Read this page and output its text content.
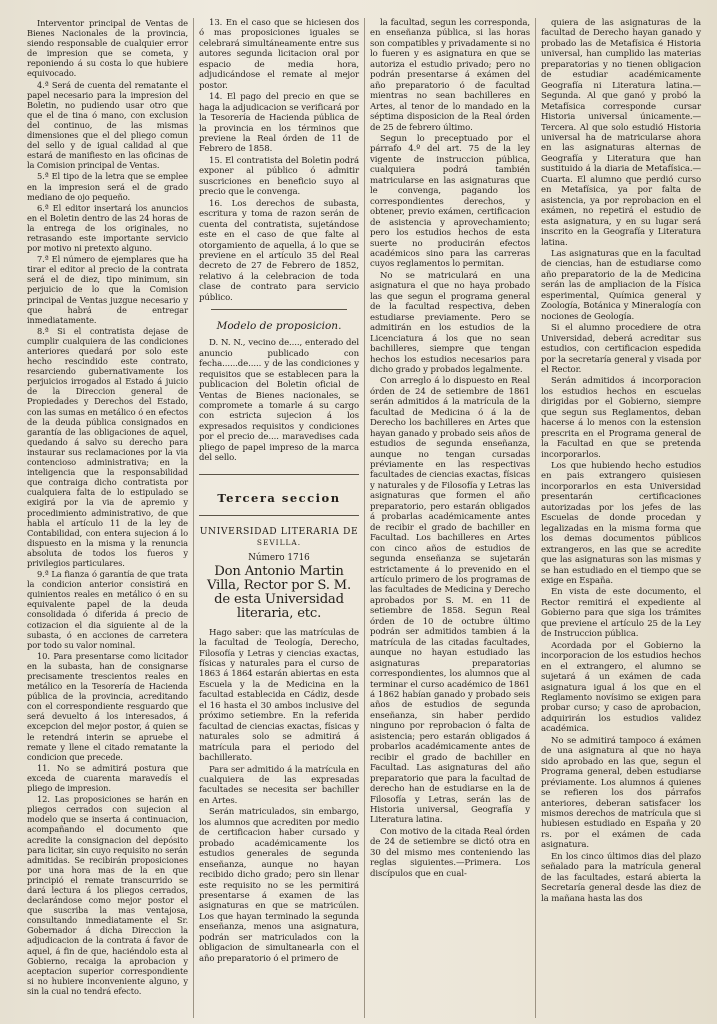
Interventor principal de Ventas de Bienes Nacionales de la provincia, siendo responsable de cualquier error de impresion que se cometa, y reponiendo á su costa lo que hubiere equivocado.

4.ª Será de cuenta del rematante el papel necesario para la impresion del Boletin, no pudiendo usar otro que que el de tina ó mano, con exclusion del continuo, de las mismas dimensiones que el del pliego comun del sello y de igual calidad al que estará de manifiesto en las oficinas de la Comision principal de Ventas.

5.ª El tipo de la letra que se emplee en la impresion será el de grado mediano de ojo pequeño.

6.ª El editor insertará los anuncios en el Boletin dentro de las 24 horas de la entrega de los originales, no retrasando este importante servicio por motivo ni pretexto alguno.

7.ª El número de ejemplares que ha tirar el editor al precio de la contrata será el de diez, tipo minimum, sin perjuicio de lo que la Comision principal de Ventas juzgue necesario y que habrá de entregar inmediatamente.

8.ª Si el contratista dejase de cumplir cualquiera de las condiciones anteriores quedará por solo este hecho rescindido este contrato, resarciendo gubernativamente los perjuicios irrogados al Estado á juicio de la Direccion general de Propiedades y Derechos del Estado, con las sumas en metálico ó en efectos de la deuda pública consignados en garantía de las obligaciones de aquel, quedando á salvo su derecho para instaurar sus reclamaciones por la via contencioso administrativa; en la inteligencia que la responsabilidad que contraiga dicho contratista por cualquiera falta de lo estipulado se exigirá por la via de apremio y procedimiento administrativo, de que habla el artículo 11 de la ley de Contabilidad, con entera sujecion á lo dispuesto en la misma y la renuncia absoluta de todos los fueros y privilegios particulares.

9.ª La fianza ó garantía de que trata la condicion anterior consistirá en quinientos reales en metálico ó en su equivalente papel de la deuda consolidada ó diferida á precio de cotizacion el dia siguiente al de la subasta, ó en acciones de carretera por todo su valor nominal.

10. Para presentarse como licitador en la subasta, han de consignarse precisamente trescientos reales en metálico en la Tesorería de Hacienda pública de la provincia, acreditando con el correspondiente resguardo que será devuelto á los interesados, á excepcion del mejor postor, á quien se le retendrá interin se apruebe el remate y llene el citado rematante la condicion que precede.

11. No se admitirá postura que exceda de cuarenta maravedís el pliego de impresion.

12. Las proposiciones se harán en pliegos cerrados con sujecion al modelo que se inserta á continuacion, acompañando el documento que acredite la consignacion del depósito para licitar, sin cuyo requisito no serán admitidas. Se recibirán proposiciones por una hora mas de la en que principió el remate transcurrido se dará lectura á los pliegos cerrados, declarándose como mejor postor el que suscriba la mas ventajosa, consultando inmediatamente el Sr. Gobernador á dicha Direccion la adjudicacion de la contrata á favor de aquel, á fin de que, haciéndolo esta al Gobierno, recaiga la aprobacion y aceptacion superior correspondiente si no hubiere inconveniente alguno, y sin la cual no tendrá efecto.

13. En el caso que se hiciesen dos ó mas proposiciones iguales se celebrará simultáneamente entre sus autores segunda licitacion oral por espacio de media hora, adjudicándose el remate al mejor postor.

14. El pago del precio en que se haga la adjudicacion se verificará por la Tesorería de Hacienda pública de la provincia en los términos que previene la Real órden de 11 de Febrero de 1858.

15. El contratista del Boletin podrá exponer al público ó admitir suscriciones en beneficio suyo al precio que le convenga.

16. Los derechos de subasta, escritura y toma de razon serán de cuenta del contratista, sujetándose este en el caso de que falte al otorgamiento de aquella, á lo que se previene en el artículo 35 del Real decreto de 27 de Febrero de 1852, relativo á la celebracion de toda clase de contrato para servicio público.

Modelo de proposicion.

D. N. N., vecino de...., enterado del anuncio publicado con fecha......de..... y de las condiciones y requisitos que se establecen para la publicacion del Boletin oficial de Ventas de Bienes nacionales, se compromete a tomarle á su cargo con estricta sujecion á los expresados requisitos y condiciones por el precio de.... maravedises cada pliego de papel impreso de la marca del sello.

Tercera seccion
UNIVERSIDAD LITERARIA DE
SEVILLA.
Número 1716
Don Antonio Martin Villa, Rector por S. M. de esta Universidad literaria, etc.

Hago saber: que las matrículas de la facultad de Teología, Derecho, Filosofía y Letras y ciencias exactas, físicas y naturales para el curso de 1863 á 1864 estarán abiertas en esta Escuela y la de Medicina en la facultad establecida en Cádiz, desde el 16 hasta el 30 ambos inclusive del próximo setiembre. En la referida facultad de ciencias exactas, físicas y naturales solo se admitirá á matrícula para el periodo del bachillerato.

Para ser admitido á la matrícula en cualquiera de las expresadas facultades se necesita ser bachiller en Artes.

Serán matriculados, sin embargo, los alumnos que acrediten por medio de certificacion haber cursado y probado académicamente los estudios generales de segunda enseñanza, aunque no hayan recibido dicho grado; pero sin llenar este requisito no se les permitirá presentarse á examen de las asignaturas en que se matricúlen. Los que hayan terminado la segunda enseñanza, menos una asignatura, podrán ser matriculados con la obligacion de simultanearla con el año preparatorio ó el primero de

la facultad, segun les corresponda, en enseñanza pública, si las horas son compatibles y privadamente si no lo fueren y es asignatura en que se autoriza el estudio privado; pero no podrán presentarse á exámen del año preparatorio ó de facultad mientras no sean bachilleres en Artes, al tenor de lo mandado en la séptima disposicion de la Real órden de 25 de febrero último.

Segun lo preceptuado por el párrafo 4.º del art. 75 de la ley vigente de instruccion pública, cualquiera podrá también matricularse en las asignaturas que le convenga, pagando los correspondientes derechos, y obtener, previo exámen, certificacion de asistencia y aprovechamiento; pero los estudios hechos de esta suerte no producirán efectos académicos sino para las carreras cuyos reglamentos lo permitan.

No se matriculará en una asignatura el que no haya probado las que segun el programa general de la facultad respectiva, deben estudiarse previamente. Pero se admitirán en los estudios de la Licenciatura á los que no sean bachilleres, siempre que tengan hechos los estudios necesarios para dicho grado y probados legalmente.

Con arreglo á lo dispuesto en Real órden de 24 de setiembre de 1861 serán admitidos á la matrícula de la facultad de Medicina ó á la de Derecho los bachilleres en Artes que hayan ganado y probado seis años de estudios de segunda enseñanza, aunque no tengan cursadas préviamente en las respectivas facultades de ciencias exactas, físicas y naturales y de Filosofía y Letras las asignaturas que formen el año preparatorio, pero estarán obligados á probarlas académicamente antes de recibir el grado de bachiller en Facultad. Los bachilleres en Artes con cinco años de estudios de segunda enseñanza se sujetarán estrictamente á lo prevenido en el artículo primero de los programas de las facultades de Medicina y Derecho aprobados por S. M. en 11 de setiembre de 1858. Segun Real órden de 10 de octubre último podrán ser admitidos tambien á la matrícula de las citadas facultades, aunque no hayan estudiado las asignaturas preparatorias correspondientes, los alumnos que al terminar el curso académico de 1861 á 1862 habían ganado y probado seis años de estudios de segunda enseñanza, sin haber perdido ninguno por reprobacion ó falta de asistencia; pero estarán obligados á probarlos académicamente antes de recibir el grado de bachiller en Facultad. Las asignaturas del año preparatorio que para la facultad de derecho han de estudiarse en la de Filosofía y Letras, serán las de Historia universal, Geografía y Literatura latina.

Con motivo de la citada Real órden de 24 de setiembre se dictó otra en 30 del mismo mes conteniendo las reglas siguientes.—Primera. Los discípulos que en cual-

quiera de las asignaturas de la facultad de Derecho hayan ganado y probado las de Metafísica é Historia universal, han cumplido las materias preparatorias y no tienen obligacion de estudiar académicamente Geografía ni Literatura latina.—Segunda. Al que ganó y probó la Metafísica corresponde cursar Historia universal únicamente.—Tercera. Al que solo estudió Historia universal ha de matricularse ahora en las asignaturas alternas de Geografía y Literatura que han sustituido á la diaria de Metafísica.—Cuarta. El alumno que perdió curso en Metafísica, ya por falta de asistencia, ya por reprobacion en el exámen, no repetirá el estudio de esta asignatura, y en su lugar será inscrito en la Geografía y Literatura latina.

Las asignaturas que en la facultad de ciencias, han de estudiarse como año preparatorio de la de Medicina serán las de ampliacion de la Física esperimental, Química general y Zoología, Botánica y Mineralogía con nociones de Geología.

Si el alumno procediere de otra Universidad, deberá acreditar sus estudios, con certificacion espedida por la secretaría general y visada por el Rector.

Serán admitidos á incorporacion los estudios hechos en escuelas dirigidas por el Gobierno, siempre que segun sus Reglamentos, deban hacerse á lo menos con la estension prescrita en el Programa general de la Facultad en que se pretenda incorporarlos.

Los que hubiendo hecho estudios en pais extrangero quisiesen incorporarlos en esta Universidad presentarán certificaciones autorizadas por los jefes de las Escuelas de donde procedan y legalizadas en la misma forma que los demas documentos públicos extrangeros, en las que se acredite que las asignaturas son las mismas y se han estudiado en el tiempo que se exige en España.

En vista de este documento, el Rector remitirá el expediente al Gobierno para que siga los trámites que previene el artículo 25 de la Ley de Instruccion pública.

Acordada por el Gobierno la incorporacion de los estudios hechos en el extrangero, el alumno se sujetará á un exámen de cada asignatura igual á los que en el Reglamento novísimo se exigen para probar curso; y caso de aprobacion, adquirirán los estudios validez académica.

No se admitirá tampoco á exámen de una asignatura al que no haya sido aprobado en las que, segun el Programa general, deben estudiarse préviamente. Los alumnos á quienes se refieren los dos párrafos anteriores, deberan satisfacer los mismos derechos de matrícula que si hubiesen estudiado en España y 20 rs. por el exámen de cada asignatura.

En los cinco últimos dias del plazo señalado para la matrícula general de las facultades, estará abierta la Secretaría general desde las diez de la mañana hasta las dos
